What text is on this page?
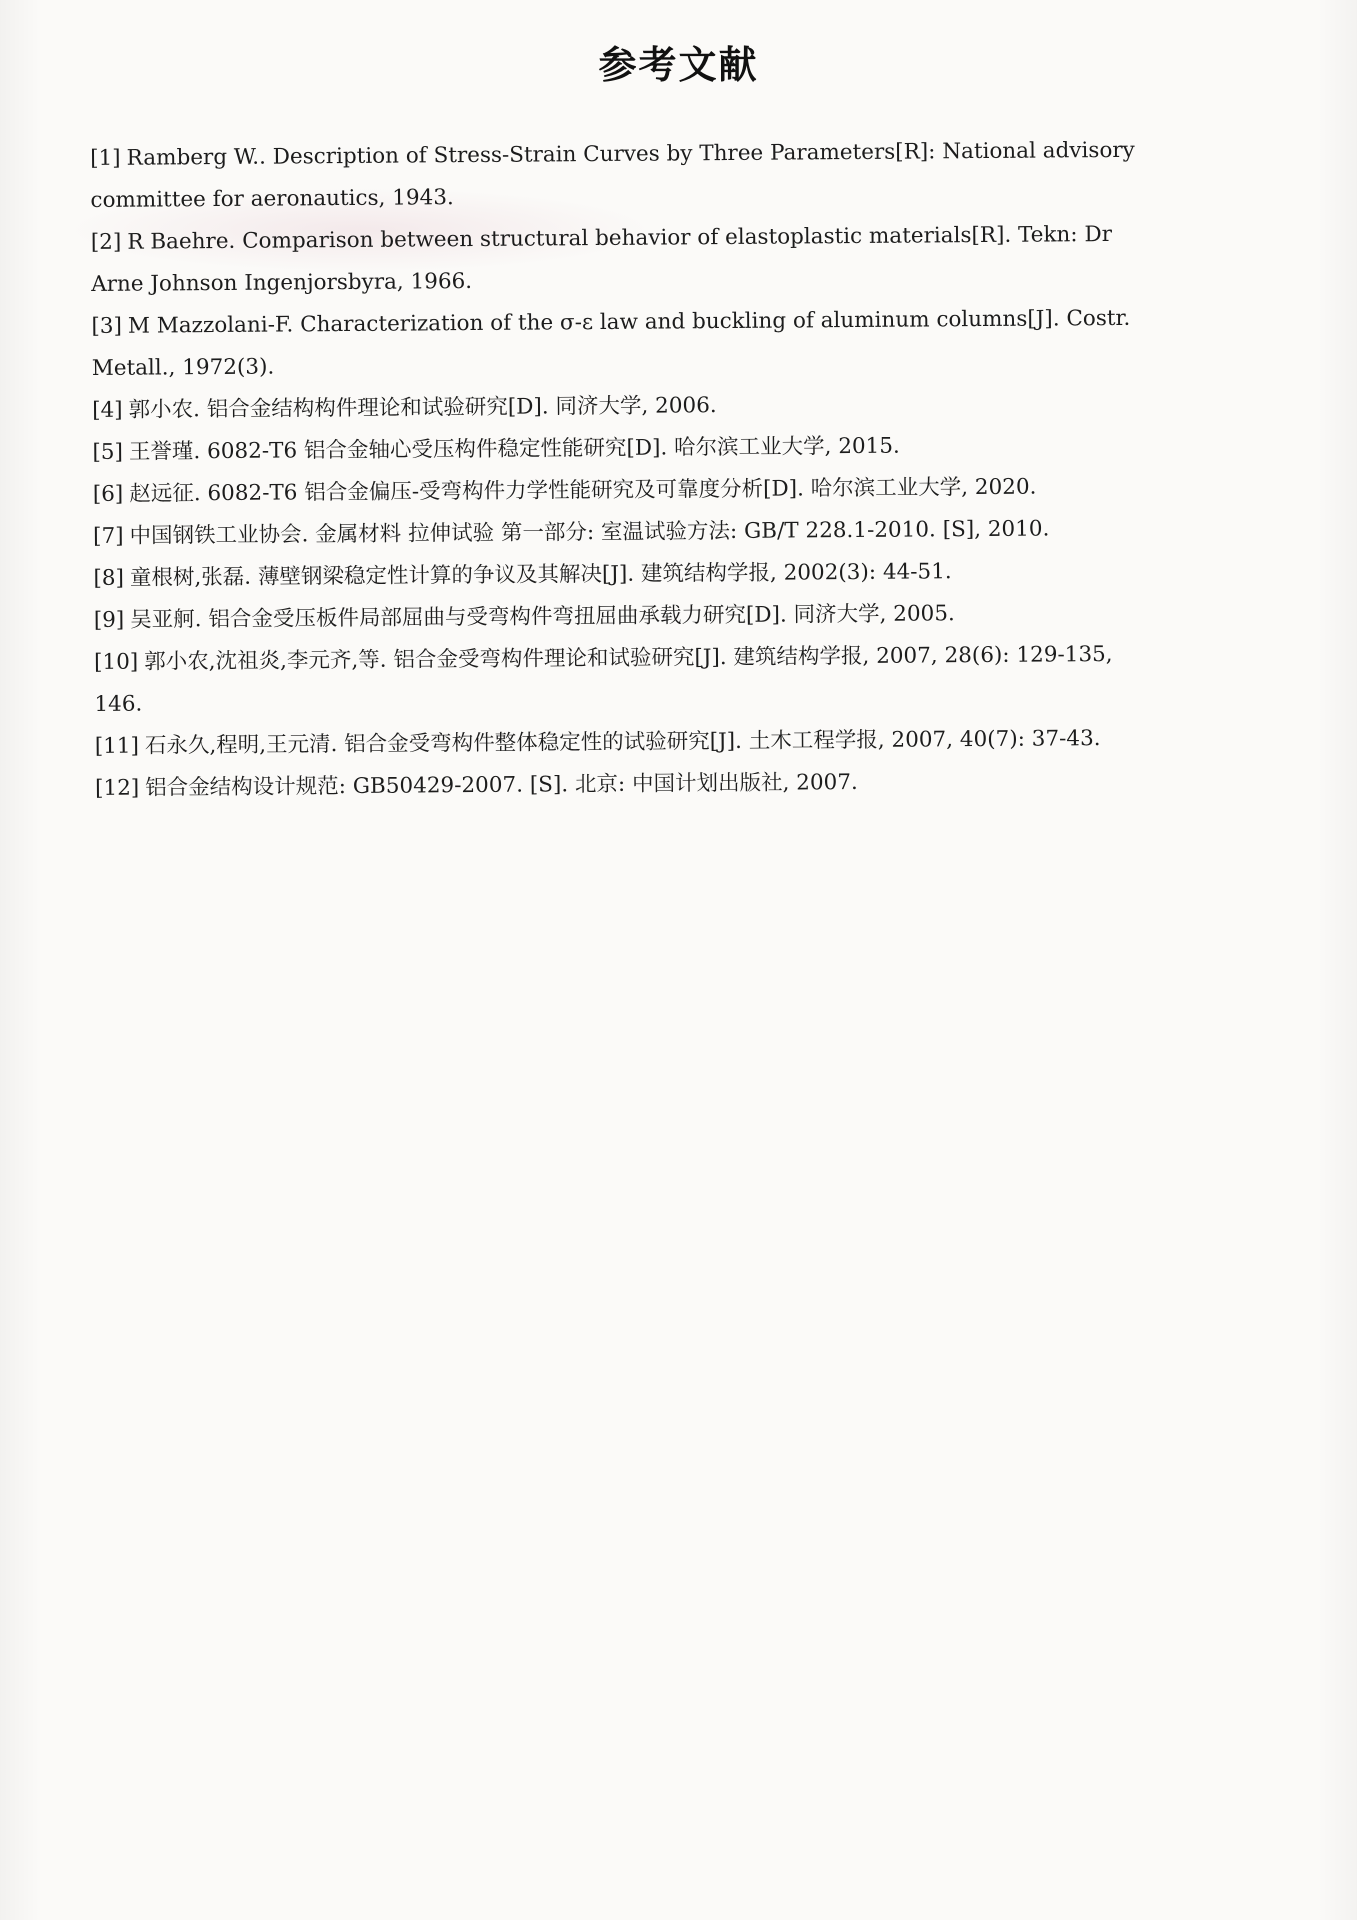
参考文献
[1] Ramberg W.. Description of Stress-Strain Curves by Three Parameters[R]: National advisory committee for aeronautics, 1943.
[2] R Baehre. Comparison between structural behavior of elastoplastic materials[R]. Tekn: Dr Arne Johnson Ingenjorsbyra, 1966.
[3] M Mazzolani-F. Characterization of the σ-ε law and buckling of aluminum columns[J]. Costr. Metall., 1972(3).
[4] 郭小农. 铝合金结构构件理论和试验研究[D]. 同济大学, 2006.
[5] 王誉瑾. 6082-T6 铝合金轴心受压构件稳定性能研究[D]. 哈尔滨工业大学, 2015.
[6] 赵远征. 6082-T6 铝合金偏压-受弯构件力学性能研究及可靠度分析[D]. 哈尔滨工业大学, 2020.
[7] 中国钢铁工业协会. 金属材料 拉伸试验 第一部分: 室温试验方法: GB/T 228.1-2010. [S], 2010.
[8] 童根树,张磊. 薄壁钢梁稳定性计算的争议及其解决[J]. 建筑结构学报, 2002(3): 44-51.
[9] 吴亚舸. 铝合金受压板件局部屈曲与受弯构件弯扭屈曲承载力研究[D]. 同济大学, 2005.
[10] 郭小农,沈祖炎,李元齐,等. 铝合金受弯构件理论和试验研究[J]. 建筑结构学报, 2007, 28(6): 129-135, 146.
[11] 石永久,程明,王元清. 铝合金受弯构件整体稳定性的试验研究[J]. 土木工程学报, 2007, 40(7): 37-43.
[12] 铝合金结构设计规范: GB50429-2007. [S]. 北京: 中国计划出版社, 2007.
